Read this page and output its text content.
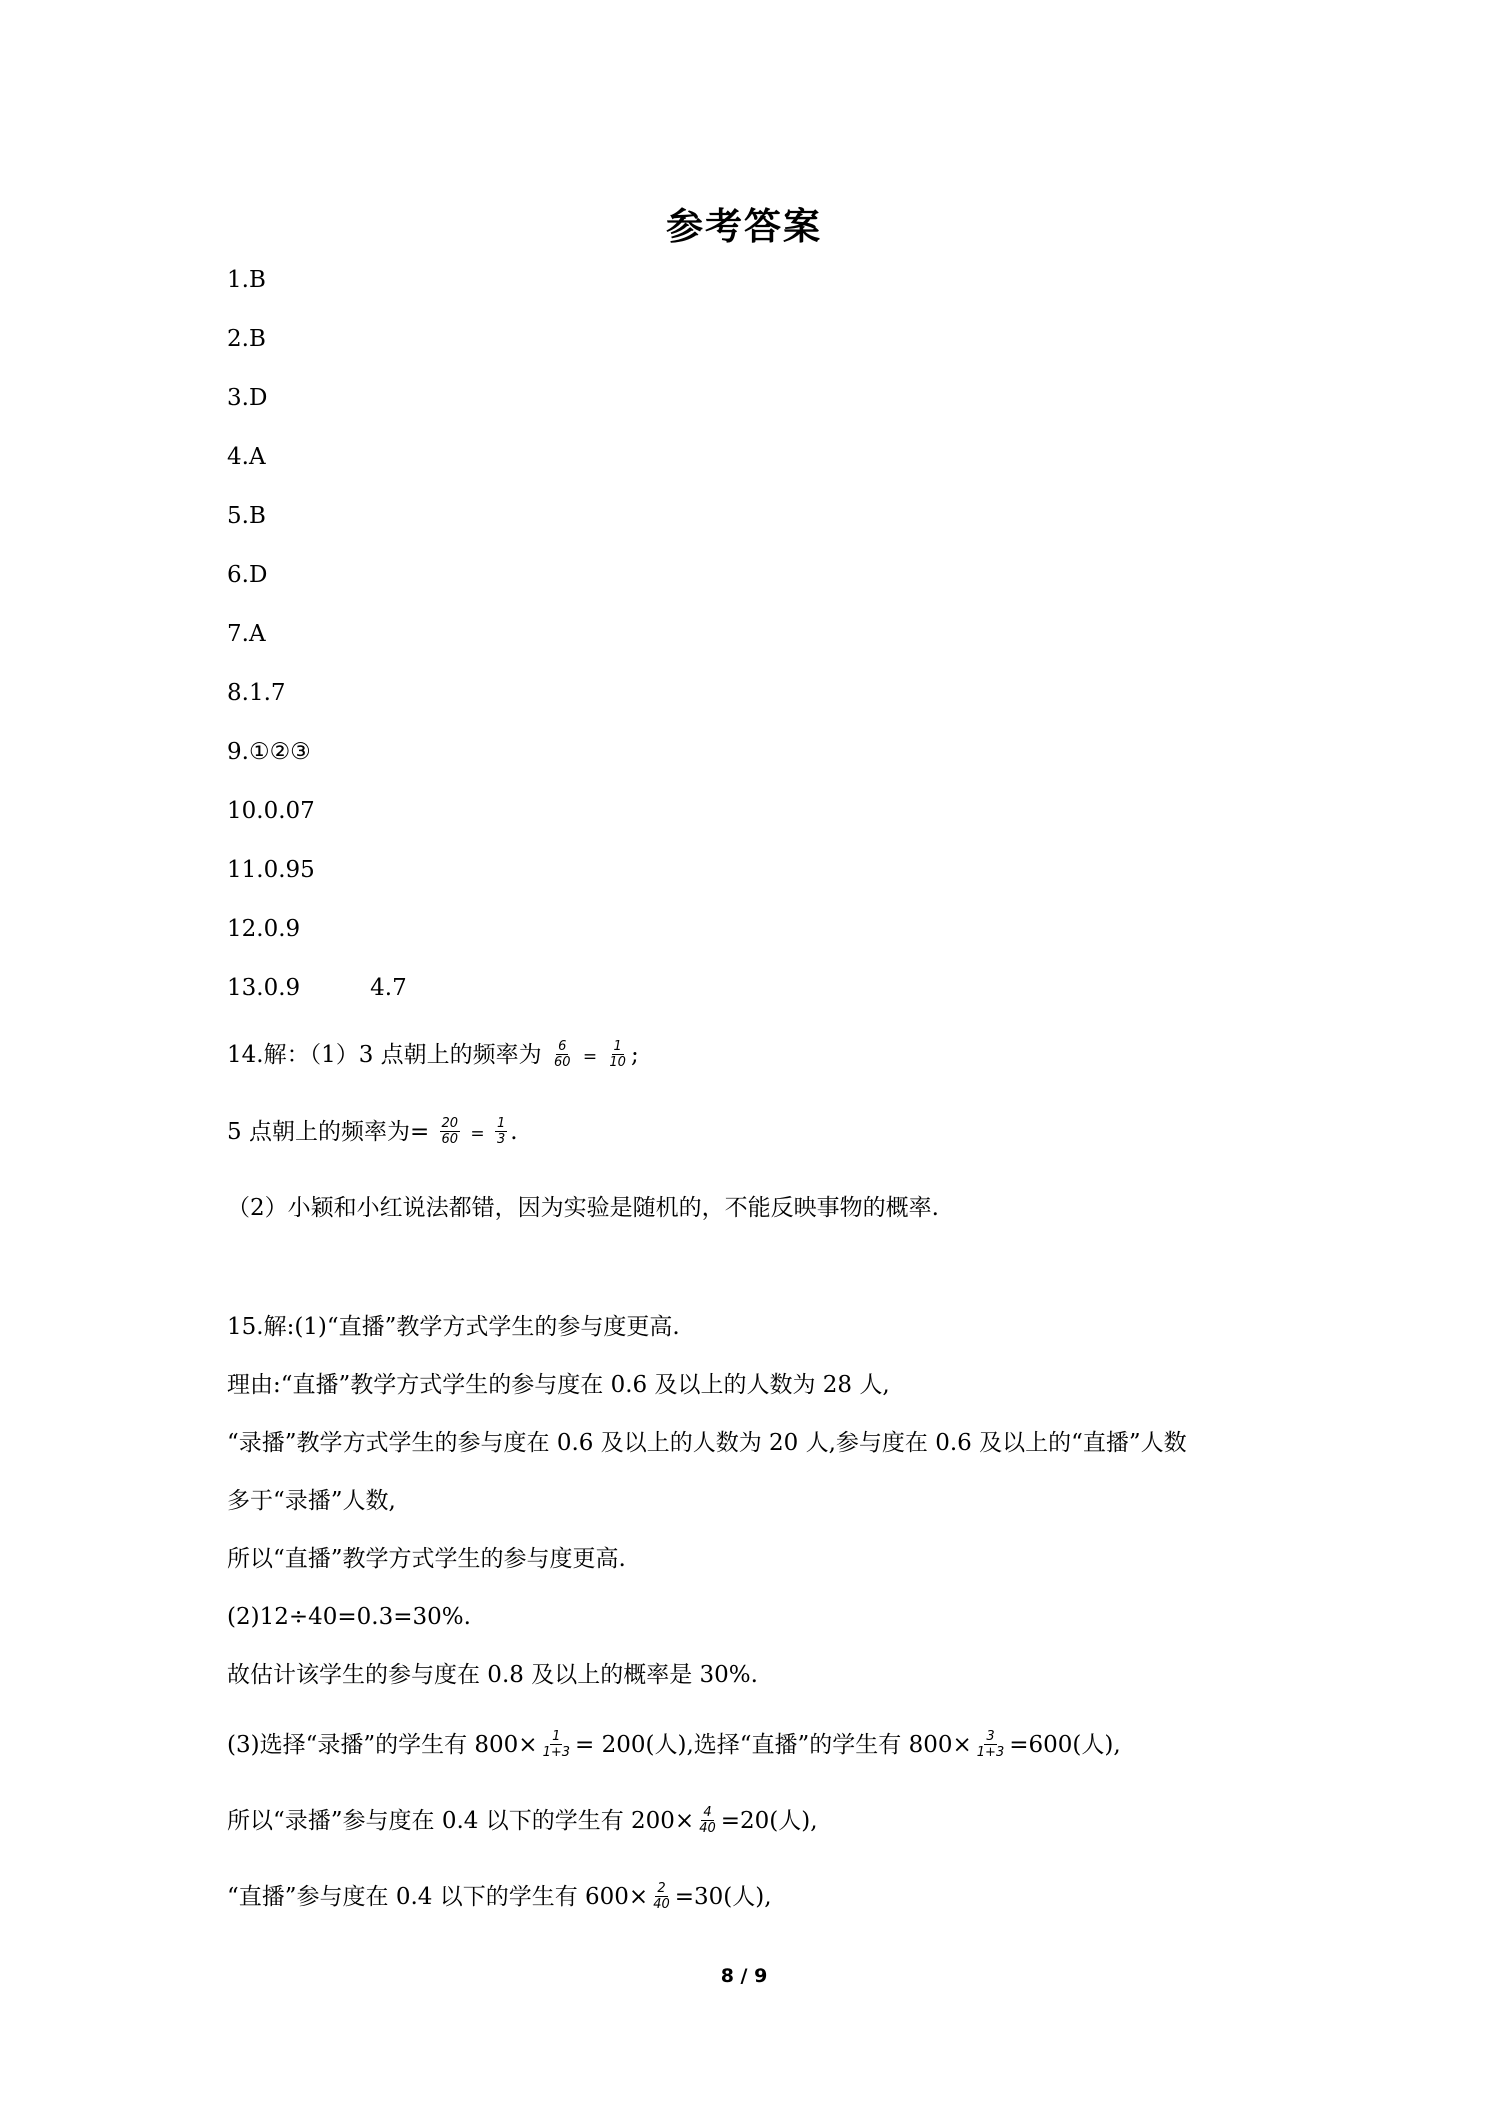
参考答案
1.B
2.B
3.D
4.A
5.B
6.D
7.A
8.1.7
9.①②③
10.0.07
11.0.95
12.0.9
13.0.9	4.7
14.解：（1）3 点朝上的频率为 $\frac{6}{60} = \frac{1}{10}$ ;
5 点朝上的频率为= $\frac{20}{60} = \frac{1}{3}$ .
（2）小颖和小红说法都错，因为实验是随机的，不能反映事物的概率.
15.解:(1)“直播”教学方式学生的参与度更高.
理由:“直播”教学方式学生的参与度在 0.6 及以上的人数为 28 人,
“录播”教学方式学生的参与度在 0.6 及以上的人数为 20 人,参与度在 0.6 及以上的“直播”人数
多于“录播”人数,
所以“直播”教学方式学生的参与度更高.
(2)12÷40=0.3=30%.
故估计该学生的参与度在 0.8 及以上的概率是 30%.
(3)选择“录播”的学生有 $800\times \frac{1}{1+3} = 200$(人),选择“直播”的学生有 $800\times \frac{3}{1+3} =600$(人),
所以“录播”参与度在 0.4 以下的学生有 $200\times \frac{4}{40} =20$(人),
“直播”参与度在 0.4 以下的学生有 $600\times \frac{2}{40} =30$(人),
8 / 9
